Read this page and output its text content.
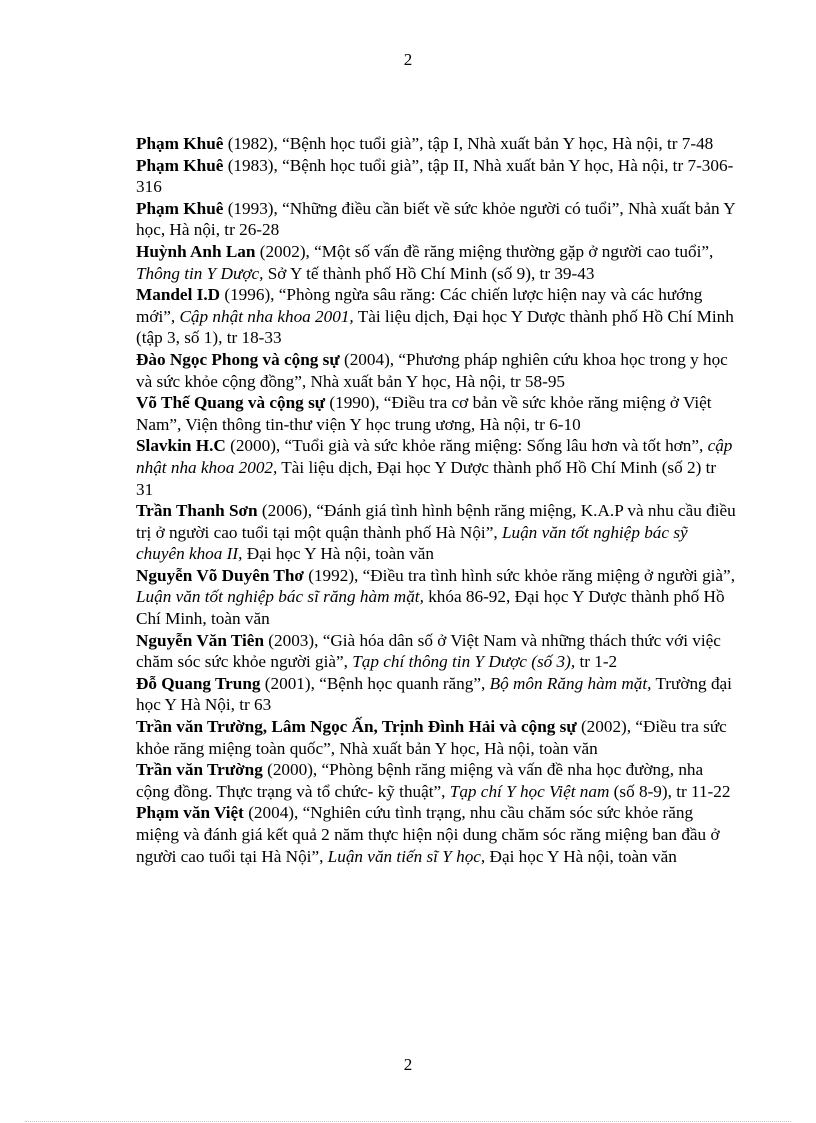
2

Phạm Khuê (1982), “Bệnh học tuổi già”, tập I, Nhà xuất bản Y học, Hà nội, tr 7-48

Phạm Khuê (1983), “Bệnh học tuổi già”, tập II, Nhà xuất bản Y học, Hà nội, tr 7-306-316

Phạm Khuê (1993), “Những điều cần biết về sức khỏe người có tuổi”, Nhà xuất bản Y học, Hà nội, tr 26-28

Huỳnh Anh Lan (2002), “Một số vấn đề răng miệng thường gặp ở người cao tuổi”, Thông tin Y Dược, Sở Y tế thành phố Hồ Chí Minh (số 9), tr 39-43

Mandel I.D (1996), “Phòng ngừa sâu răng: Các chiến lược hiện nay và các hướng mới”, Cập nhật nha khoa 2001, Tài liệu dịch, Đại học Y Dược thành phố Hồ Chí Minh (tập 3, số 1), tr 18-33

Đào Ngọc Phong và cộng sự (2004), “Phương pháp nghiên cứu khoa học trong y học và sức khỏe cộng đồng”, Nhà xuất bản Y học, Hà nội, tr 58-95

Võ Thế Quang và cộng sự (1990), “Điều tra cơ bản về sức khỏe răng miệng ở Việt Nam”, Viện thông tin-thư viện Y học trung ương, Hà nội, tr 6-10

Slavkin H.C (2000), “Tuổi già và sức khỏe răng miệng: Sống lâu hơn và tốt hơn”, cập nhật nha khoa 2002, Tài liệu dịch, Đại học Y Dược thành phố Hồ Chí Minh (số 2) tr 31

Trần Thanh Sơn (2006), “Đánh giá tình hình bệnh răng miệng, K.A.P và nhu cầu điều trị ở người cao tuổi tại một quận thành phố Hà Nội”, Luận văn tốt nghiệp bác sỹ chuyên khoa II, Đại học Y Hà nội, toàn văn

Nguyễn Võ Duyên Thơ (1992), “Điều tra tình hình sức khỏe răng miệng ở người già”, Luận văn tốt nghiệp bác sĩ răng hàm mặt, khóa 86-92, Đại học Y Dược thành phố Hồ Chí Minh, toàn văn

Nguyễn Văn Tiên (2003), “Già hóa dân số ở Việt Nam và những thách thức với việc chăm sóc sức khỏe người già”, Tạp chí thông tin Y Dược (số 3), tr 1-2

Đỗ Quang Trung (2001), “Bệnh học quanh răng”, Bộ môn Răng hàm mặt, Trường đại học Y Hà Nội, tr 63

Trần văn Trường, Lâm Ngọc Ấn, Trịnh Đình Hải và cộng sự (2002), “Điều tra sức khỏe răng miệng toàn quốc”, Nhà xuất bản Y học, Hà nội, toàn văn

Trần văn Trường (2000), “Phòng bệnh răng miệng và vấn đề nha học đường, nha cộng đồng. Thực trạng và tổ chức- kỹ thuật”, Tạp chí Y học Việt nam (số 8-9), tr 11-22

Phạm văn Việt (2004), “Nghiên cứu tình trạng, nhu cầu chăm sóc sức khỏe răng miệng và đánh giá kết quả 2 năm thực hiện nội dung chăm sóc răng miệng ban đầu ở người cao tuổi tại Hà Nội”, Luận văn tiến sĩ Y học, Đại học Y Hà nội, toàn văn

2
